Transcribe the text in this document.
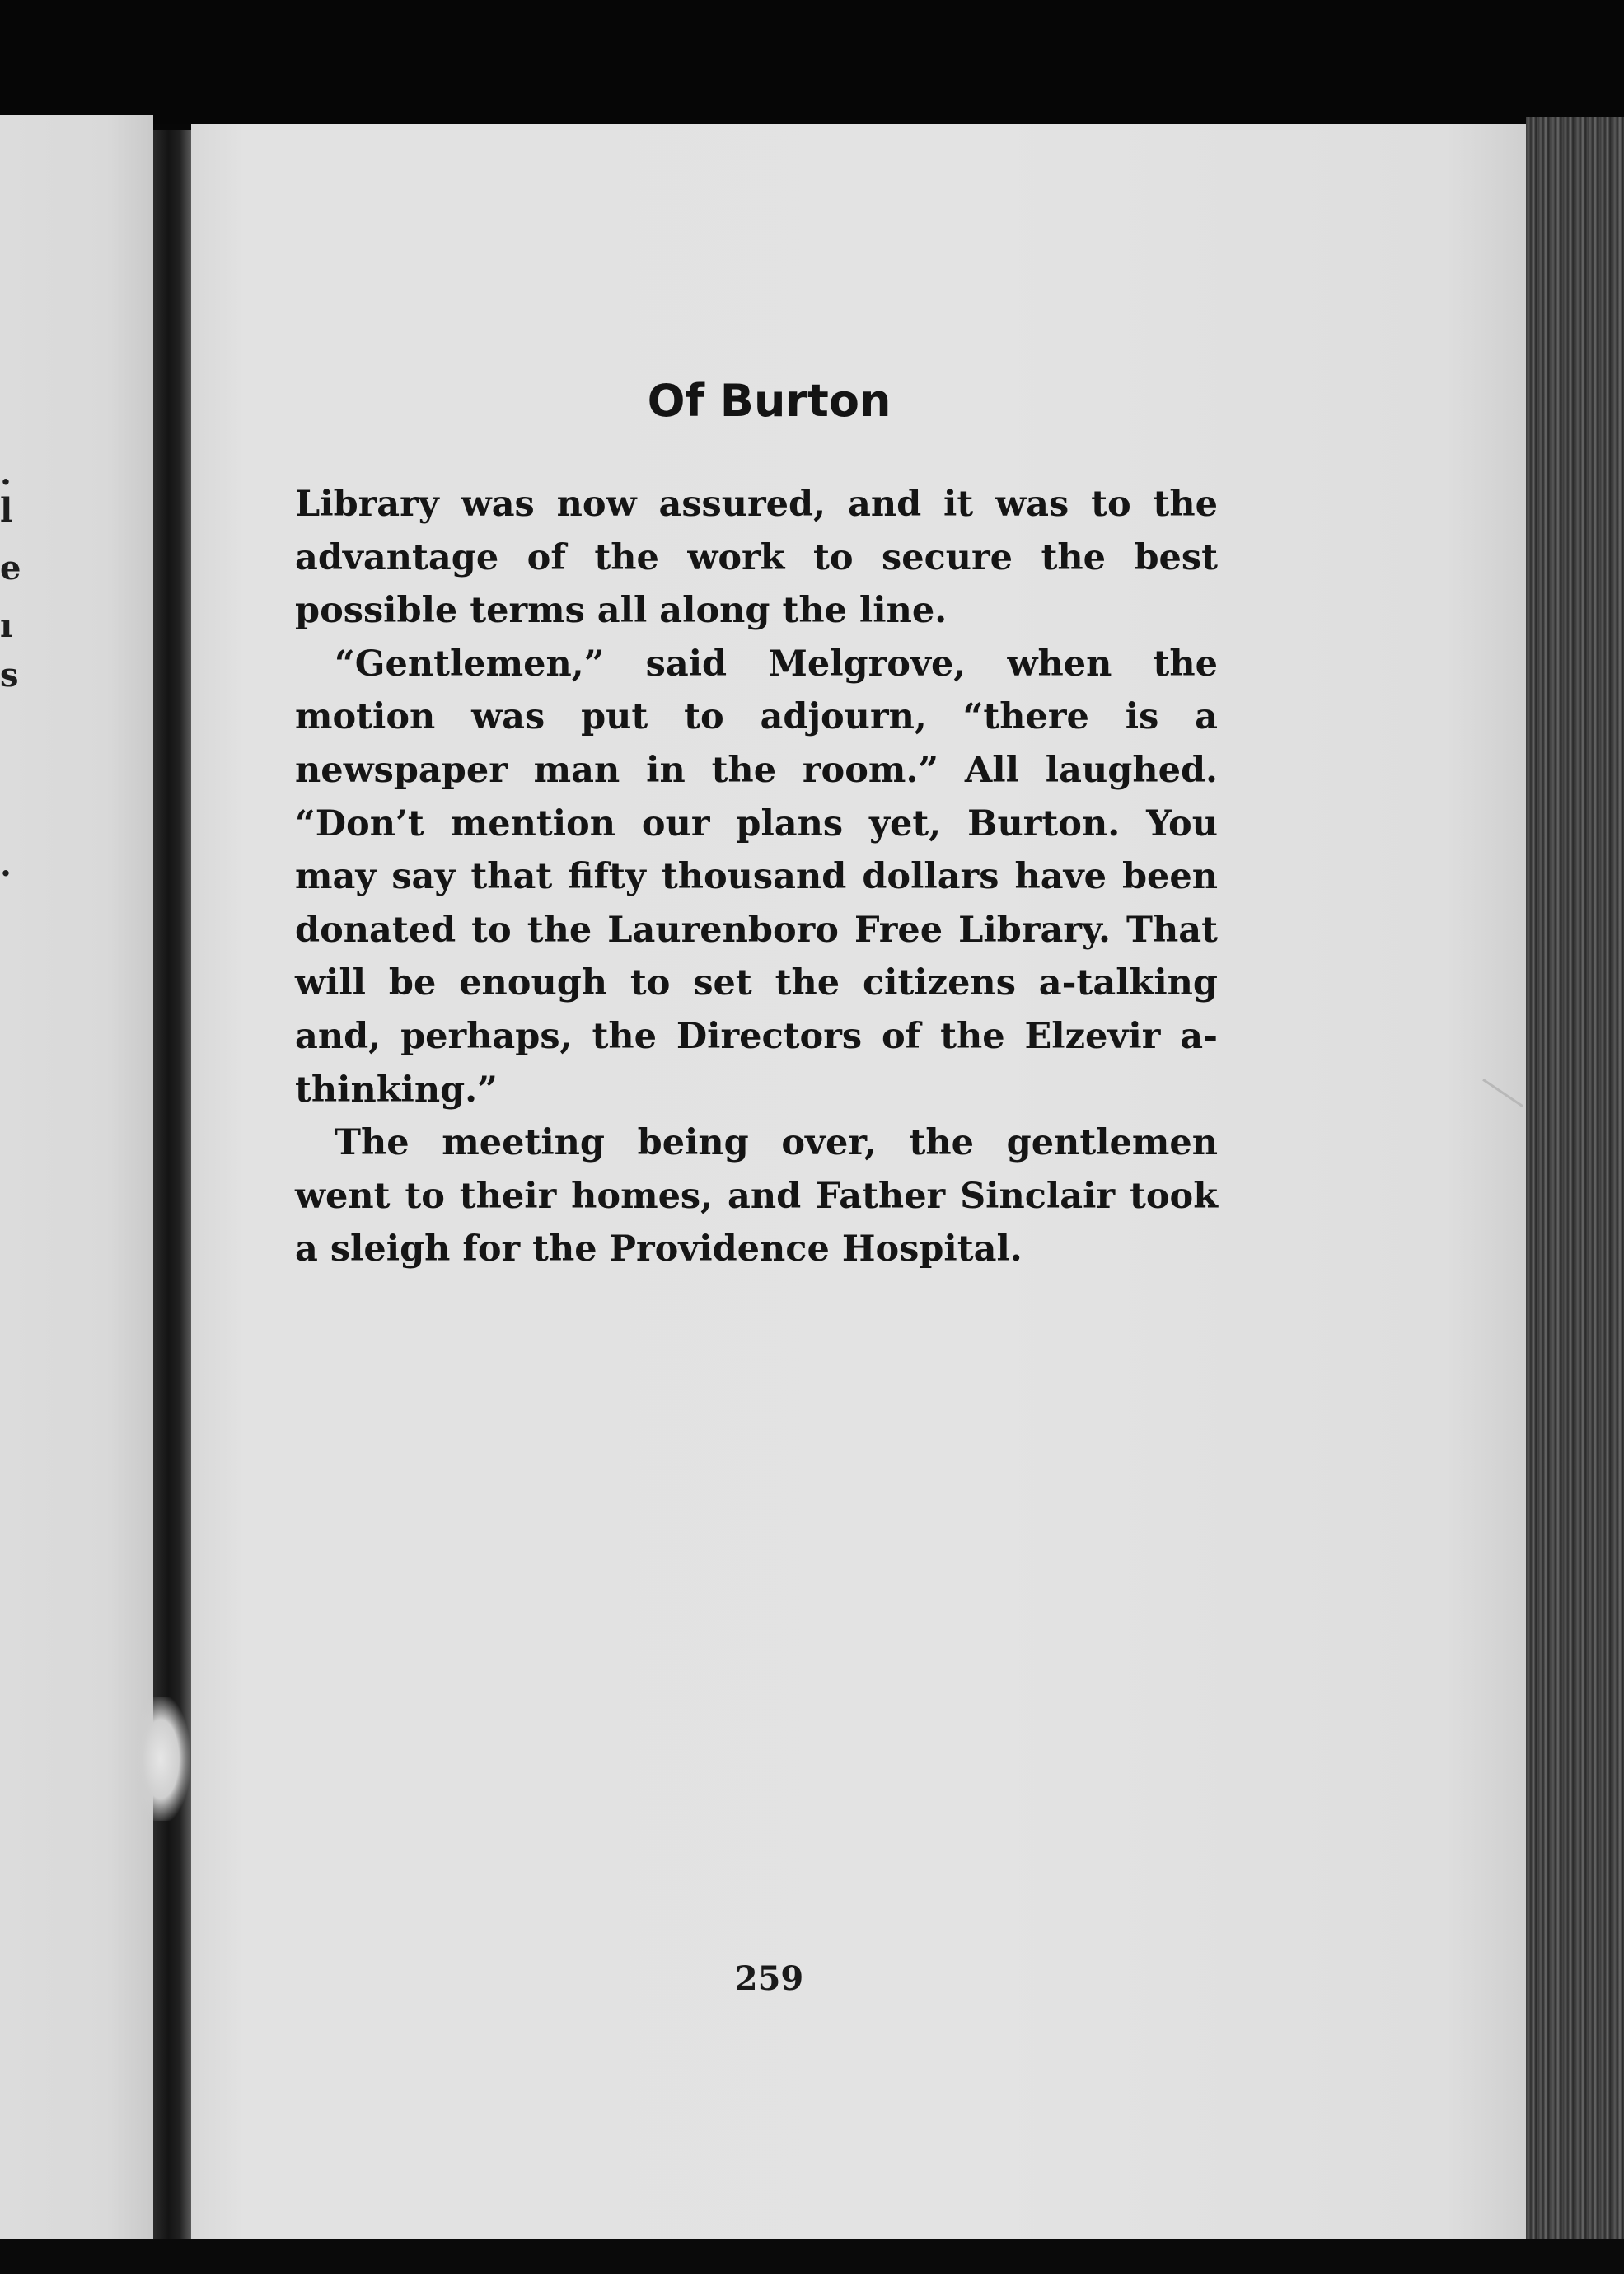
.
l
e
ı
s
.
Of Burton

Library was now assured, and it was to the advantage of the work to secure the best possible terms all along the line.

“Gentlemen,” said Melgrove, when the motion was put to adjourn, “there is a newspaper man in the room.” All laughed. “Don’t mention our plans yet, Burton. You may say that fifty thousand dollars have been donated to the Laurenboro Free Library. That will be enough to set the citizens a-talking and, perhaps, the Directors of the Elzevir a-thinking.”

The meeting being over, the gentlemen went to their homes, and Father Sinclair took a sleigh for the Providence Hospital.

259
